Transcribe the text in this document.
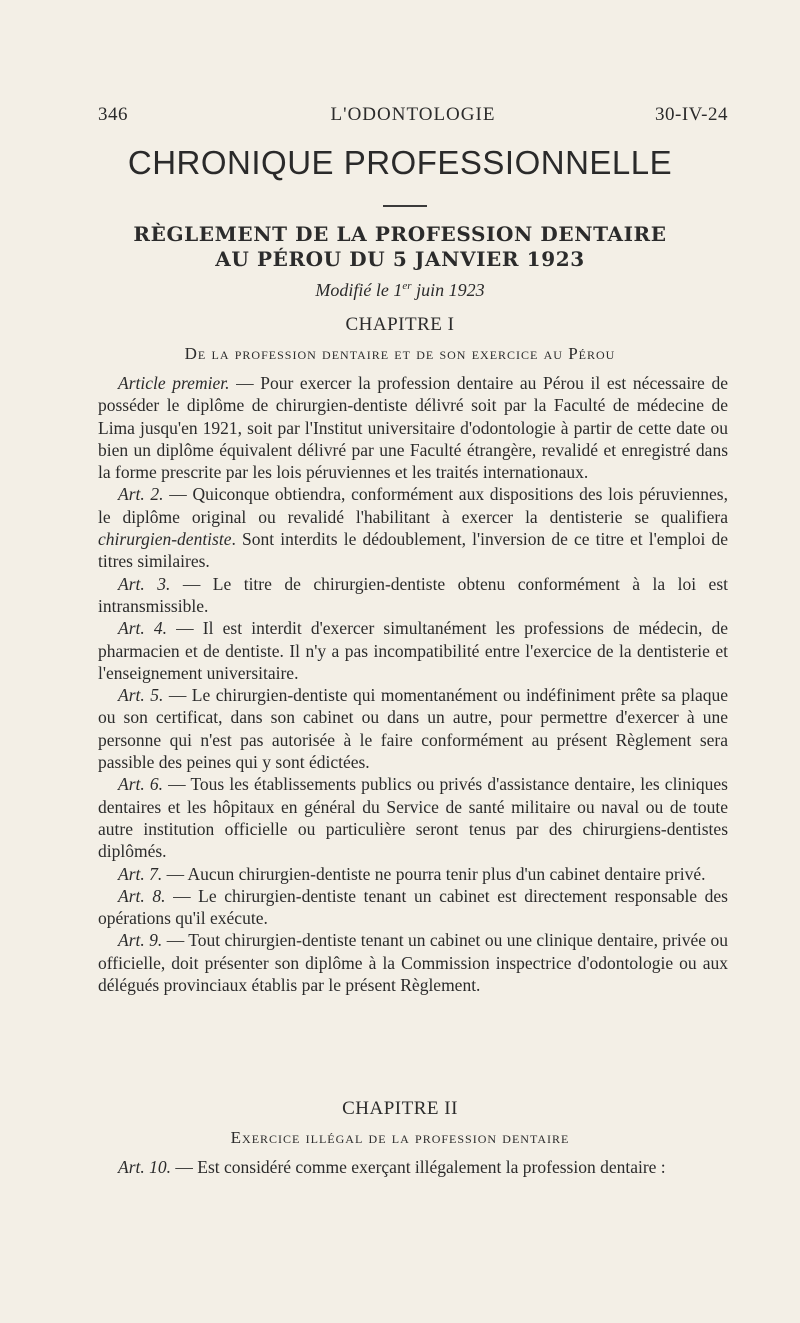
346	L'ODONTOLOGIE	30-IV-24
CHRONIQUE PROFESSIONNELLE
RÈGLEMENT DE LA PROFESSION DENTAIRE
AU PÉROU DU 5 JANVIER 1923
Modifié le 1er juin 1923
CHAPITRE I
De la profession dentaire et de son exercice au Pérou

Article premier. — Pour exercer la profession dentaire au Pérou il est nécessaire de posséder le diplôme de chirurgien-dentiste délivré soit par la Faculté de médecine de Lima jusqu'en 1921, soit par l'Institut universitaire d'odontologie à partir de cette date ou bien un diplôme équivalent délivré par une Faculté étrangère, revalidé et enregistré dans la forme prescrite par les lois péruviennes et les traités internationaux.

Art. 2. — Quiconque obtiendra, conformément aux dispositions des lois péruviennes, le diplôme original ou revalidé l'habilitant à exercer la dentisterie se qualifiera chirurgien-dentiste. Sont interdits le dédoublement, l'inversion de ce titre et l'emploi de titres similaires.

Art. 3. — Le titre de chirurgien-dentiste obtenu conformément à la loi est intransmissible.

Art. 4. — Il est interdit d'exercer simultanément les professions de médecin, de pharmacien et de dentiste. Il n'y a pas incompatibilité entre l'exercice de la dentisterie et l'enseignement universitaire.

Art. 5. — Le chirurgien-dentiste qui momentanément ou indéfiniment prête sa plaque ou son certificat, dans son cabinet ou dans un autre, pour permettre d'exercer à une personne qui n'est pas autorisée à le faire conformément au présent Règlement sera passible des peines qui y sont édictées.

Art. 6. — Tous les établissements publics ou privés d'assistance dentaire, les cliniques dentaires et les hôpitaux en général du Service de santé militaire ou naval ou de toute autre institution officielle ou particulière seront tenus par des chirurgiens-dentistes diplômés.

Art. 7. — Aucun chirurgien-dentiste ne pourra tenir plus d'un cabinet dentaire privé.

Art. 8. — Le chirurgien-dentiste tenant un cabinet est directement responsable des opérations qu'il exécute.

Art. 9. — Tout chirurgien-dentiste tenant un cabinet ou une clinique dentaire, privée ou officielle, doit présenter son diplôme à la Commission inspectrice d'odontologie ou aux délégués provinciaux établis par le présent Règlement.

CHAPITRE II
Exercice illégal de la profession dentaire

Art. 10. — Est considéré comme exerçant illégalement la profession dentaire :
